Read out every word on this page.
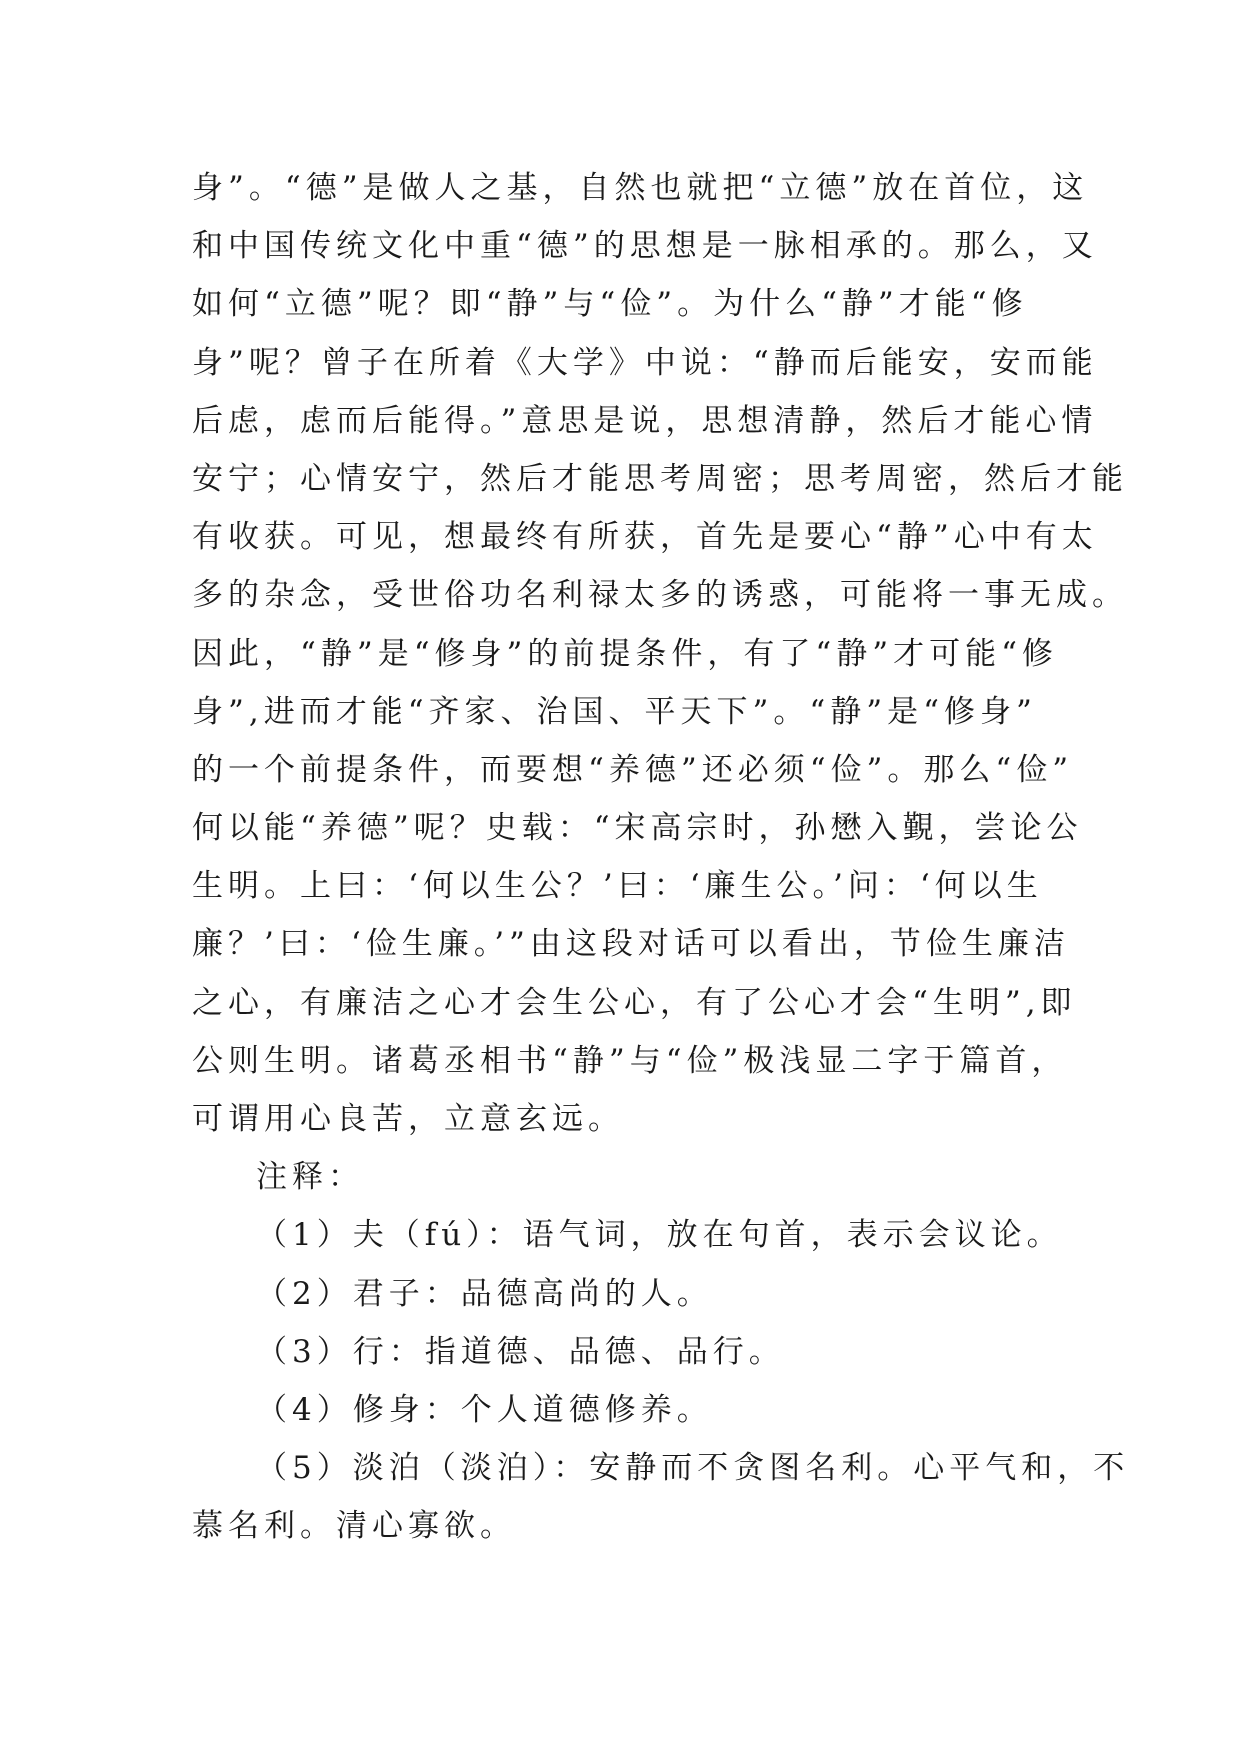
身”。“德”是做人之基，自然也就把“立德”放在首位，这
和中国传统文化中重“德”的思想是一脉相承的。那么，又
如何“立德”呢？即“静”与“俭”。为什么“静”才能“修
身”呢？曾子在所着《大学》中说：“静而后能安，安而能
后虑，虑而后能得。”意思是说，思想清静，然后才能心情
安宁；心情安宁，然后才能思考周密；思考周密，然后才能
有收获。可见，想最终有所获，首先是要心“静”心中有太
多的杂念，受世俗功名利禄太多的诱惑，可能将一事无成。
因此，“静”是“修身”的前提条件，有了“静”才可能“修
身”,进而才能“齐家、治国、平天下”。“静”是“修身”
的一个前提条件，而要想“养德”还必须“俭”。那么“俭”
何以能“养德”呢？史载：“宋高宗时，孙懋入覲，尝论公
生明。上曰：‘何以生公？’曰：‘廉生公。’问：‘何以生
廉？’曰：‘俭生廉。’”由这段对话可以看出，节俭生廉洁
之心，有廉洁之心才会生公心，有了公心才会“生明”,即
公则生明。诸葛丞相书“静”与“俭”极浅显二字于篇首，
可谓用心良苦，立意玄远。
注释：
（1）夫（fú）：语气词，放在句首，表示会议论。
（2）君子：品德高尚的人。
（3）行：指道德、品德、品行。
（4）修身：个人道德修养。
（5）淡泊（淡泊）：安静而不贪图名利。心平气和，不
慕名利。清心寡欲。
